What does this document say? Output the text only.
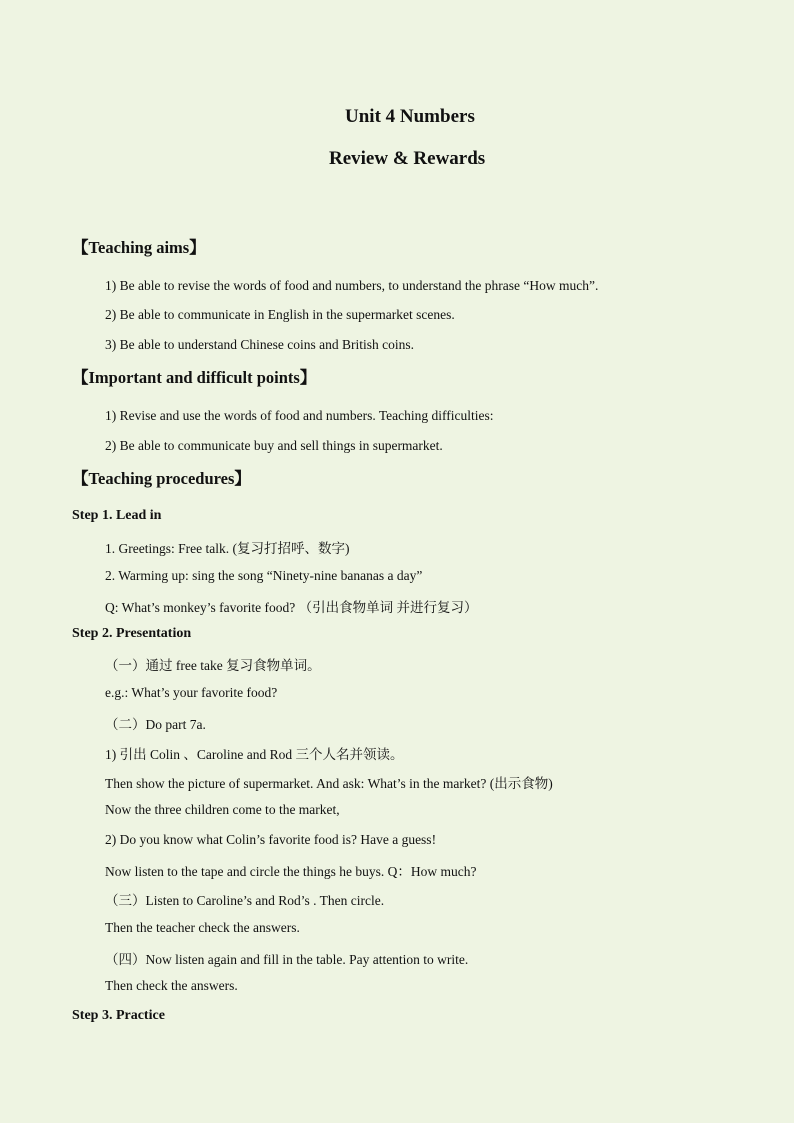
Unit 4 Numbers
Review & Rewards
【Teaching aims】
1) Be able to revise the words of food and numbers, to understand the phrase “How much”.
2) Be able to communicate in English in the supermarket scenes.
3) Be able to understand Chinese coins and British coins.
【Important and difficult points】
1) Revise and use the words of food and numbers. Teaching difficulties:
2) Be able to communicate buy and sell things in supermarket.
【Teaching procedures】
Step 1. Lead in
1. Greetings: Free talk. (复习打招呼、数字)
2. Warming up: sing the song “Ninety-nine bananas a day”
Q: What’s monkey’s favorite food? （引出食物单词 并进行复习）
Step 2. Presentation
（一）通过 free take 复习食物单词。
e.g.: What’s your favorite food?
（二）Do part 7a.
1) 引出 Colin 、Caroline and Rod 三个人名并领读。
Then show the picture of supermarket. And ask: What’s in the market? (出示食物)
Now the three children come to the market,
2) Do you know what Colin’s favorite food is? Have a guess!
Now listen to the tape and circle the things he buys. Q：How much?
（三）Listen to Caroline’s and Rod’s . Then circle.
Then the teacher check the answers.
（四）Now listen again and fill in the table. Pay attention to write.
Then check the answers.
Step 3. Practice
